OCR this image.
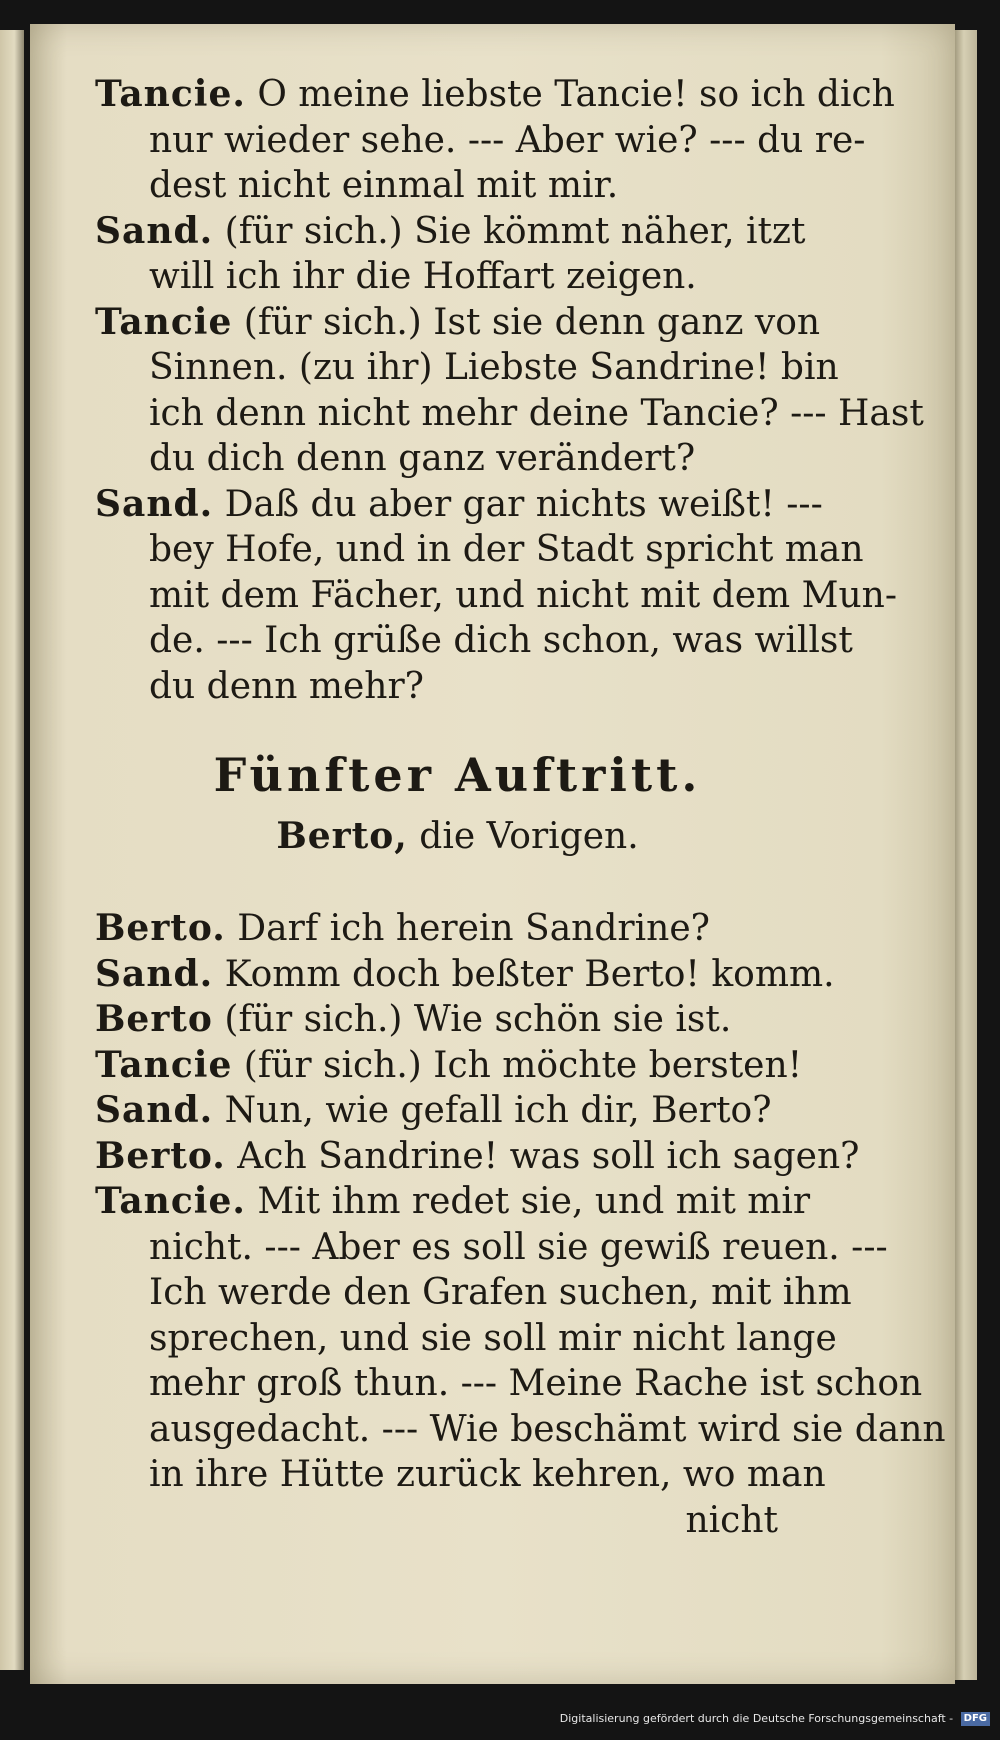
Tancie. O meine liebste Tancie! so ich dich
nur wieder sehe. --- Aber wie? --- du re-
dest nicht einmal mit mir.
Sand. (für sich.) Sie kömmt näher, itzt
will ich ihr die Hoffart zeigen.
Tancie (für sich.) Ist sie denn ganz von
Sinnen. (zu ihr) Liebste Sandrine! bin
ich denn nicht mehr deine Tancie? --- Hast
du dich denn ganz verändert?
Sand. Daß du aber gar nichts weißt! ---
bey Hofe, und in der Stadt spricht man
mit dem Fächer, und nicht mit dem Mun-
de. --- Ich grüße dich schon, was willst
du denn mehr?
Fünfter Auftritt.
Berto, die Vorigen.
Berto. Darf ich herein Sandrine?
Sand. Komm doch beßter Berto! komm.
Berto (für sich.) Wie schön sie ist.
Tancie (für sich.) Ich möchte bersten!
Sand. Nun, wie gefall ich dir, Berto?
Berto. Ach Sandrine! was soll ich sagen?
Tancie. Mit ihm redet sie, und mit mir
nicht. --- Aber es soll sie gewiß reuen. ---
Ich werde den Grafen suchen, mit ihm
sprechen, und sie soll mir nicht lange
mehr groß thun. --- Meine Rache ist schon
ausgedacht. --- Wie beschämt wird sie dann
in ihre Hütte zurück kehren, wo man
nicht
Digitalisierung gefördert durch die Deutsche Forschungsgemeinschaft - DFG
